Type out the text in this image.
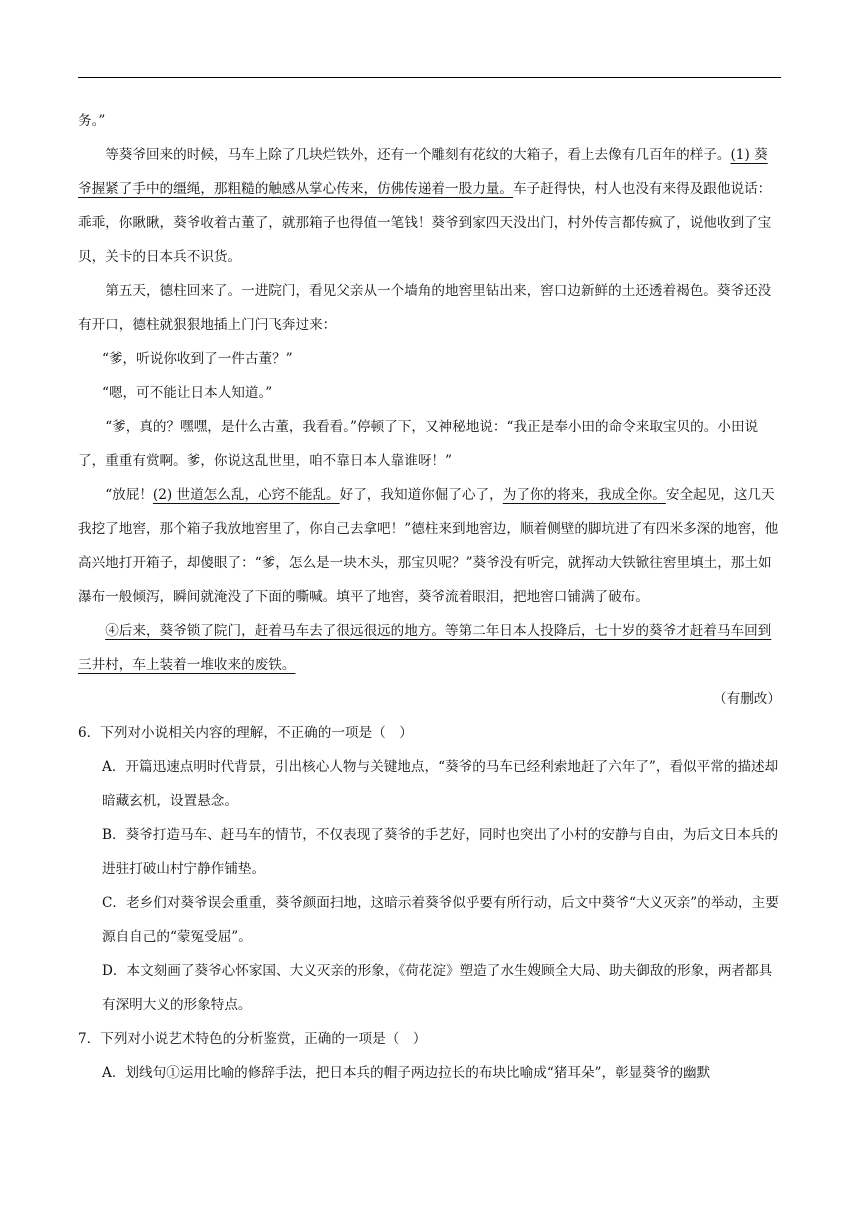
务。”

等葵爷回来的时候，马车上除了几块烂铁外，还有一个雕刻有花纹的大箱子，看上去像有几百年的样子。(1) 葵爷握紧了手中的缰绳，那粗糙的触感从掌心传来，仿佛传递着一股力量。车子赶得快，村人也没有来得及跟他说话：乖乖，你瞅瞅，葵爷收着古董了，就那箱子也得值一笔钱！葵爷到家四天没出门，村外传言都传疯了，说他收到了宝贝，关卡的日本兵不识货。

第五天，德柱回来了。一进院门，看见父亲从一个墙角的地窖里钻出来，窖口边新鲜的土还透着褐色。葵爷还没有开口，德柱就狠狠地插上门闩飞奔过来：

“爹，听说你收到了一件古董？”

“嗯，可不能让日本人知道。”

“爹，真的？嘿嘿，是什么古董，我看看。”停顿了下，又神秘地说：“我正是奉小田的命令来取宝贝的。小田说了，重重有赏啊。爹，你说这乱世里，咱不靠日本人靠谁呀！”

“放屁！(2) 世道怎么乱，心窍不能乱。好了，我知道你倔了心了，为了你的将来，我成全你。安全起见，这几天我挖了地窖，那个箱子我放地窖里了，你自己去拿吧！”德柱来到地窖边，顺着侧壁的脚坑进了有四米多深的地窖，他高兴地打开箱子，却傻眼了：“爹，怎么是一块木头，那宝贝呢？”葵爷没有听完，就挥动大铁锨往窖里填土，那土如瀑布一般倾泻，瞬间就淹没了下面的嘶喊。填平了地窖，葵爷流着眼泪，把地窖口铺满了破布。

④后来，葵爷锁了院门，赶着马车去了很远很远的地方。等第二年日本人投降后，七十岁的葵爷才赶着马车回到三井村，车上装着一堆收来的废铁。

（有删改）

6．下列对小说相关内容的理解，不正确的一项是（　）

A．开篇迅速点明时代背景，引出核心人物与关键地点，“葵爷的马车已经利索地赶了六年了”，看似平常的描述却暗藏玄机，设置悬念。

B．葵爷打造马车、赶马车的情节，不仅表现了葵爷的手艺好，同时也突出了小村的安静与自由，为后文日本兵的进驻打破山村宁静作铺垫。

C．老乡们对葵爷误会重重，葵爷颜面扫地，这暗示着葵爷似乎要有所行动，后文中葵爷“大义灭亲”的举动，主要源自自己的“蒙冤受屈”。

D．本文刻画了葵爷心怀家国、大义灭亲的形象，《荷花淀》塑造了水生嫂顾全大局、助夫御敌的形象，两者都具有深明大义的形象特点。

7．下列对小说艺术特色的分析鉴赏，正确的一项是（　）

A．划线句①运用比喻的修辞手法，把日本兵的帽子两边拉长的布块比喻成“猪耳朵”，彰显葵爷的幽默
